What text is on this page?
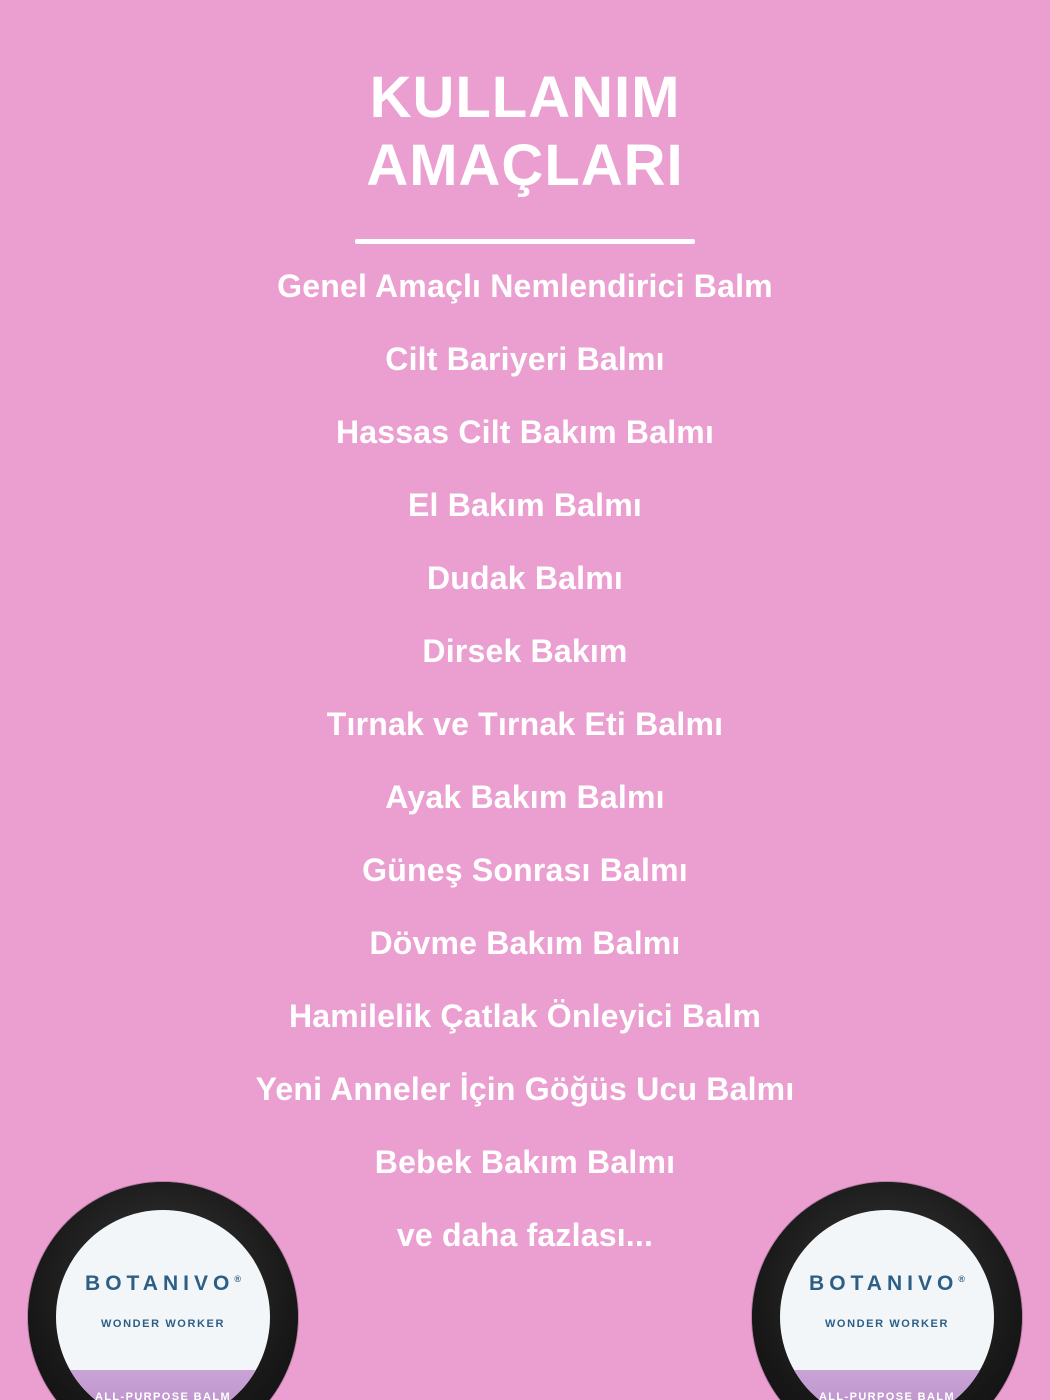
KULLANIM
AMAÇLARI
Genel Amaçlı Nemlendirici Balm
Cilt Bariyeri Balmı
Hassas Cilt Bakım Balmı
El Bakım Balmı
Dudak Balmı
Dirsek Bakım
Tırnak ve Tırnak Eti Balmı
Ayak Bakım Balmı
Güneş Sonrası Balmı
Dövme Bakım Balmı
Hamilelik Çatlak Önleyici Balm
Yeni Anneler İçin Göğüs Ucu Balmı
Bebek Bakım Balmı
ve daha fazlası...
BOTANIVO®
WONDER WORKER
ALL-PURPOSE BALM
BOTANIVO®
WONDER WORKER
ALL-PURPOSE BALM
